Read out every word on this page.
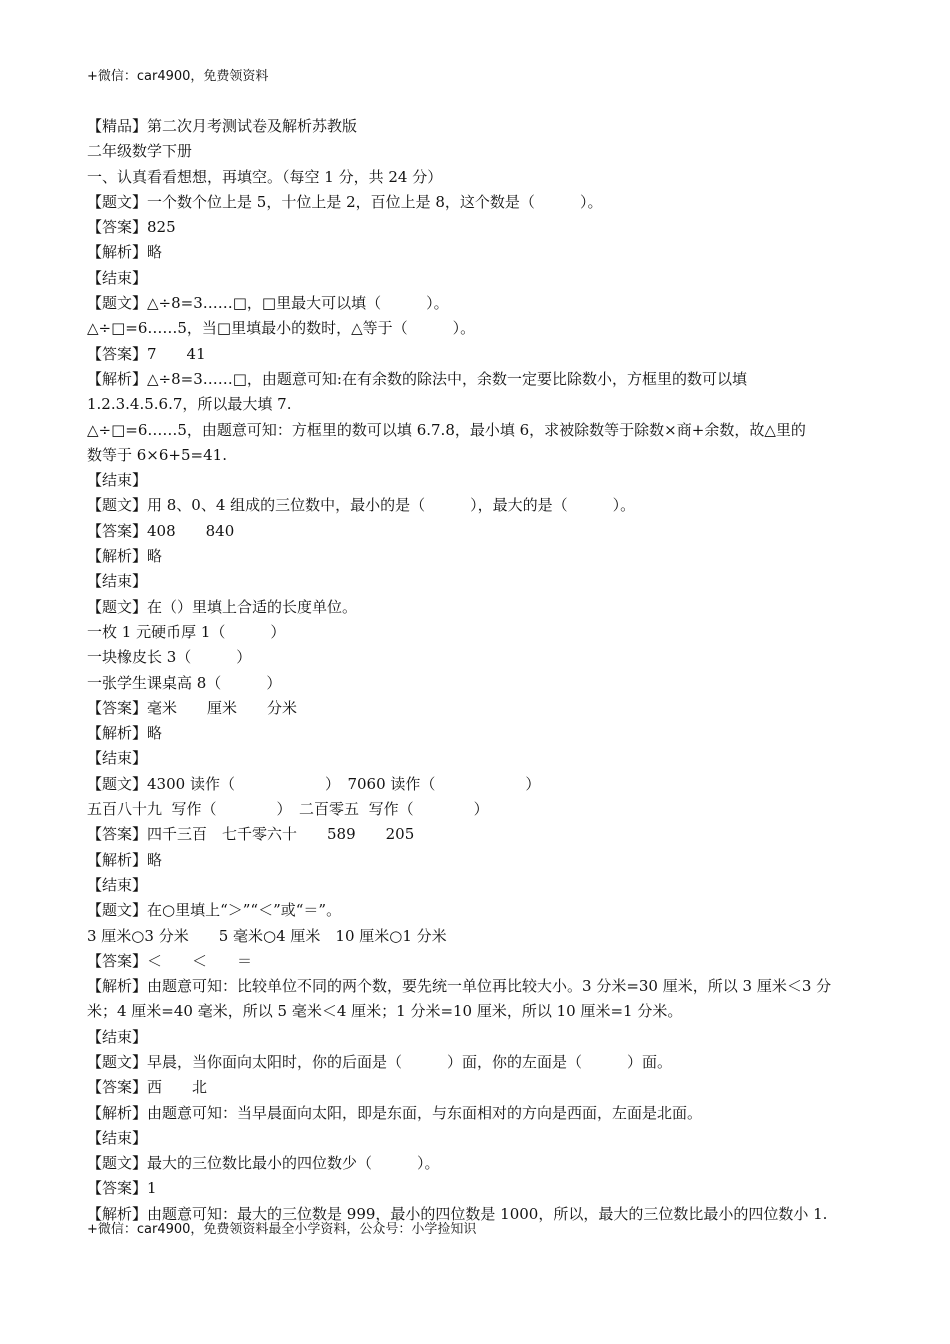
+微信：car4900，免费领资料

【精品】第二次月考测试卷及解析苏教版

二年级数学下册

一、认真看看想想，再填空。（每空 1 分，共 24 分）

【题文】一个数个位上是 5，十位上是 2，百位上是 8，这个数是（　　　）。

【答案】825

【解析】略

【结束】

【题文】△÷8=3……□，□里最大可以填（　　　）。

△÷□=6……5，当□里填最小的数时，△等于（　　　）。

【答案】7　　41

【解析】△÷8=3……□，由题意可知:在有余数的除法中，余数一定要比除数小，方框里的数可以填

1.2.3.4.5.6.7，所以最大填 7.

△÷□=6……5，由题意可知：方框里的数可以填 6.7.8，最小填 6，求被除数等于除数×商+余数，故△里的

数等于 6×6+5=41.

【结束】

【题文】用 8、0、4 组成的三位数中，最小的是（　　　），最大的是（　　　）。

【答案】408　　840

【解析】略

【结束】

【题文】在（）里填上合适的长度单位。

一枚 1 元硬币厚 1（　　　）

一块橡皮长 3（　　　）

一张学生课桌高 8（　　　）

【答案】毫米　　厘米　　分米

【解析】略

【结束】

【题文】4300 读作（　　　　　　）　7060 读作（　　　　　　）

五百八十九  写作（　　　　）　二百零五  写作（　　　　）

【答案】四千三百　七千零六十　　589　　205

【解析】略

【结束】

【题文】在○里填上“＞”“＜”或“＝”。

3 厘米○3 分米　　5 毫米○4 厘米　10 厘米○1 分米

【答案】＜　　＜　　＝

【解析】由题意可知：比较单位不同的两个数，要先统一单位再比较大小。3 分米=30 厘米，所以 3 厘米＜3 分

米；4 厘米=40 毫米，所以 5 毫米＜4 厘米；1 分米=10 厘米，所以 10 厘米=1 分米。

【结束】

【题文】早晨，当你面向太阳时，你的后面是（　　　）面，你的左面是（　　　）面。

【答案】西　　北

【解析】由题意可知：当早晨面向太阳，即是东面，与东面相对的方向是西面，左面是北面。

【结束】

【题文】最大的三位数比最小的四位数少（　　　）。

【答案】1

【解析】由题意可知：最大的三位数是 999，最小的四位数是 1000，所以，最大的三位数比最小的四位数小 1.

+微信：car4900，免费领资料最全小学资料，公众号：小学捡知识
